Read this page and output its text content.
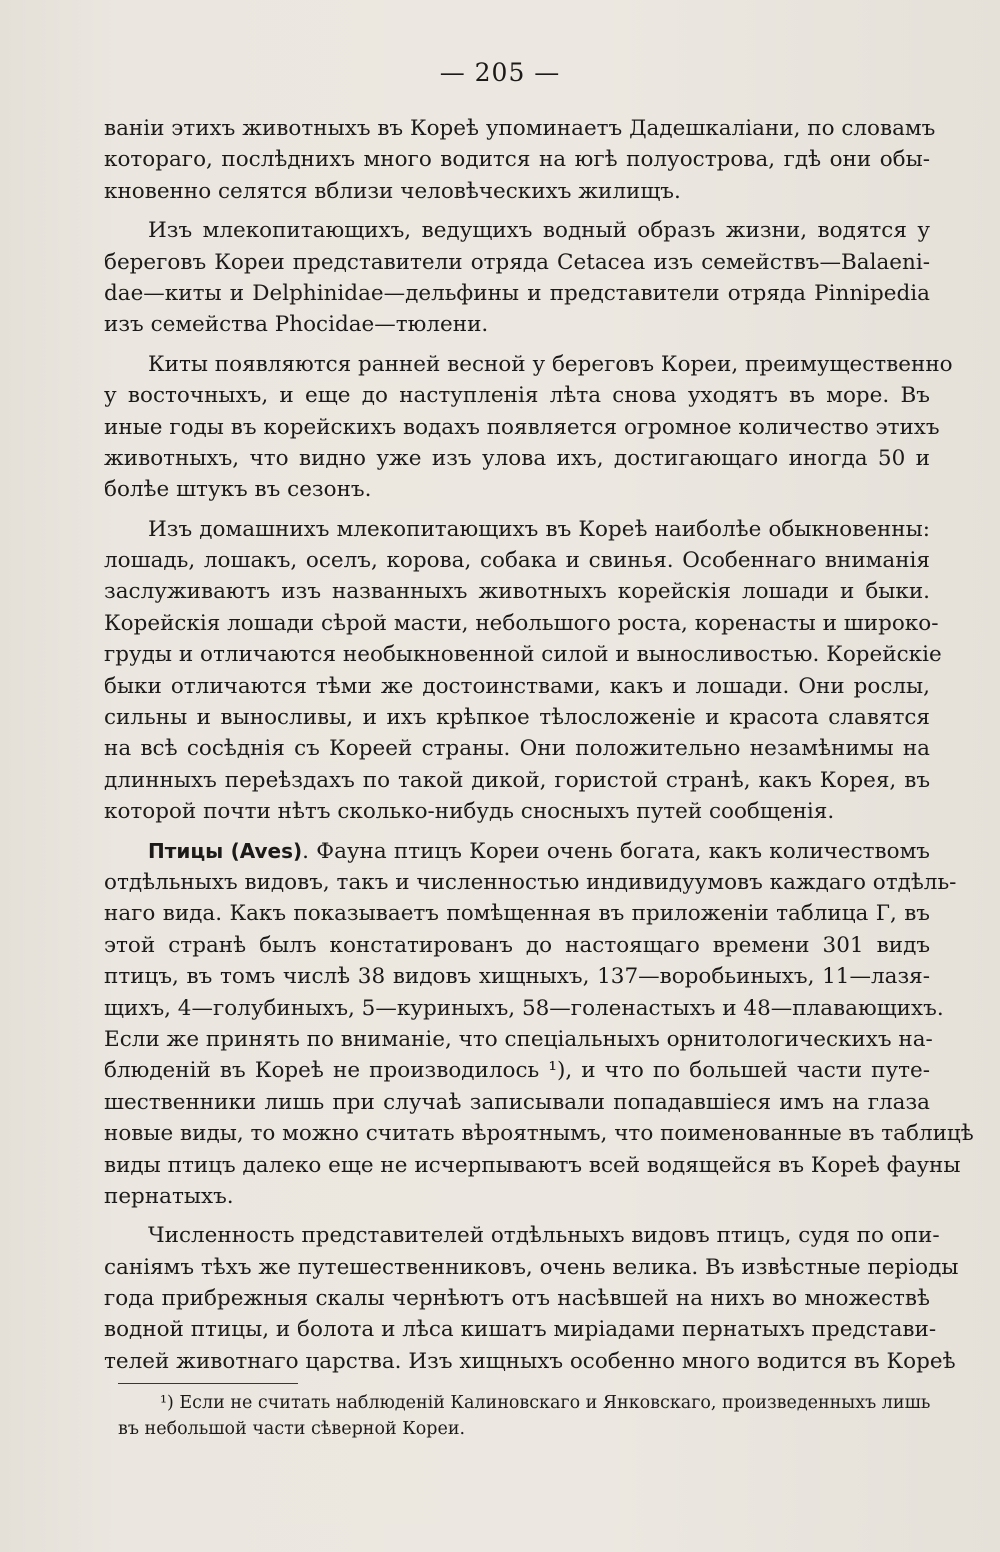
— 205 —
ванiи этихъ животныхъ въ Кореѣ упоминаетъ Дадешкалiани, по словамъ
котораго, послѣднихъ много водится на югѣ полуострова, гдѣ они обы-
кновенно селятся вблизи человѣческихъ жилищъ.
Изъ млекопитающихъ, ведущихъ водный образъ жизни, водятся у
береговъ Кореи представители отряда Cetacea изъ семействъ—Balaeni-
dae—киты и Delphinidae—дельфины и представители отряда Pinnipedia
изъ семейства Phocidae—тюлени.
Киты появляются ранней весной у береговъ Кореи, преимущественно
у восточныхъ, и еще до наступленiя лѣта снова уходятъ въ море. Въ
иные годы въ корейскихъ водахъ появляется огромное количество этихъ
животныхъ, что видно уже изъ улова ихъ, достигающаго иногда 50 и
болѣе штукъ въ сезонъ.
Изъ домашнихъ млекопитающихъ въ Кореѣ наиболѣе обыкновенны:
лошадь, лошакъ, оселъ, корова, собака и свинья. Особеннаго вниманiя
заслуживаютъ изъ названныхъ животныхъ корейскiя лошади и быки.
Корейскiя лошади сѣрой масти, небольшого роста, коренасты и широко-
груды и отличаются необыкновенной силой и выносливостью. Корейскiе
быки отличаются тѣми же достоинствами, какъ и лошади. Они рослы,
сильны и выносливы, и ихъ крѣпкое тѣлосложенiе и красота славятся
на всѣ сосѣднiя съ Кореей страны. Они положительно незамѣнимы на
длинныхъ переѣздахъ по такой дикой, гористой странѣ, какъ Корея, въ
которой почти нѣтъ сколько-нибудь сносныхъ путей сообщенiя.
Птицы (Aves). Фауна птицъ Кореи очень богата, какъ количествомъ
отдѣльныхъ видовъ, такъ и численностью индивидуумовъ каждаго отдѣль-
наго вида. Какъ показываетъ помѣщенная въ приложенiи таблица Г, въ
этой странѣ былъ констатированъ до настоящаго времени 301 видъ
птицъ, въ томъ числѣ 38 видовъ хищныхъ, 137—воробьиныхъ, 11—лазя-
щихъ, 4—голубиныхъ, 5—куриныхъ, 58—голенастыхъ и 48—плавающихъ.
Если же принять по вниманiе, что спецiальныхъ орнитологическихъ на-
блюденiй въ Кореѣ не производилось ¹), и что по большей части путе-
шественники лишь при случаѣ записывали попадавшiеся имъ на глаза
новые виды, то можно считать вѣроятнымъ, что поименованные въ таблицѣ
виды птицъ далеко еще не исчерпываютъ всей водящейся въ Кореѣ фауны
пернатыхъ.
Численность представителей отдѣльныхъ видовъ птицъ, судя по опи-
санiямъ тѣхъ же путешественниковъ, очень велика. Въ извѣстные перiоды
года прибрежныя скалы чернѣютъ отъ насѣвшей на нихъ во множествѣ
водной птицы, и болота и лѣса кишатъ мирiадами пернатыхъ представи-
телей животнаго царства. Изъ хищныхъ особенно много водится въ Кореѣ
¹) Если не считать наблюденiй Калиновскаго и Янковскаго, произведенныхъ лишь
въ небольшой части сѣверной Кореи.
